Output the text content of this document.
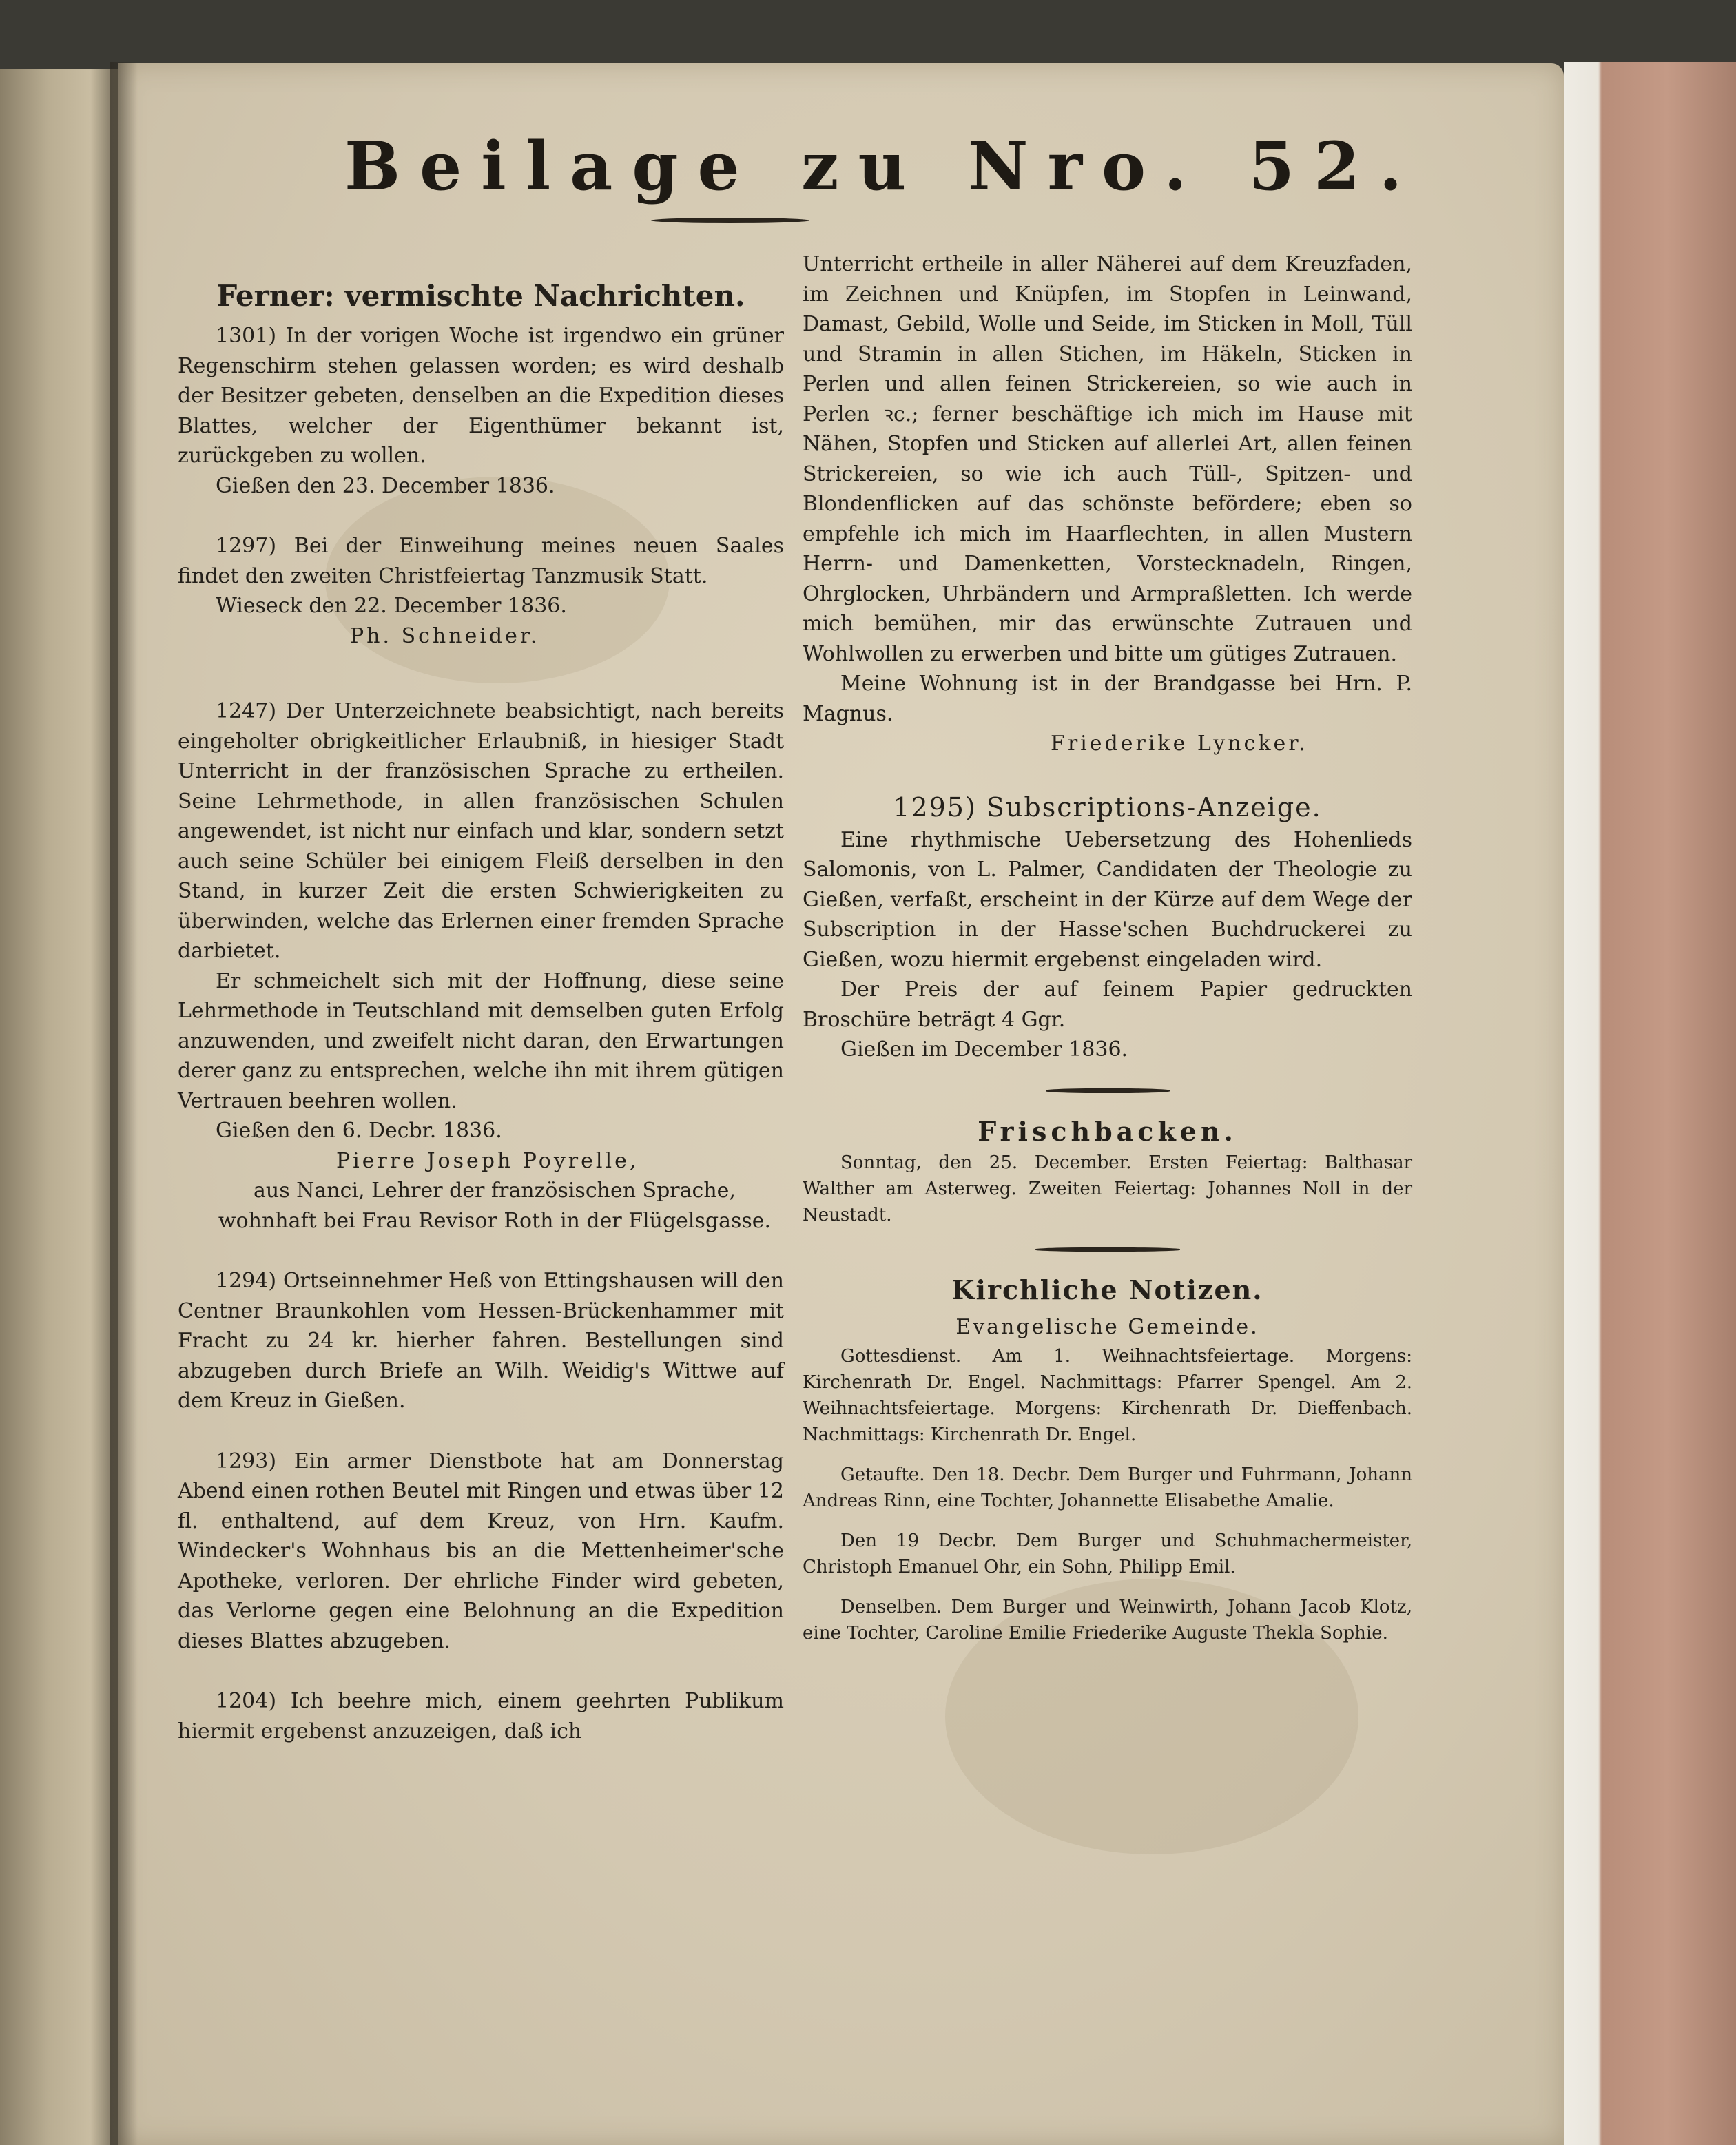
Beilage zu Nro. 52.

Ferner: vermischte Nachrichten.

1301) In der vorigen Woche ist irgendwo ein grüner Regenschirm stehen gelassen worden; es wird deshalb der Besitzer gebeten, denselben an die Expedition dieses Blattes, welcher der Eigenthümer bekannt ist, zurückgeben zu wollen.

Gießen den 23. December 1836.

1297) Bei der Einweihung meines neuen Saales findet den zweiten Christfeiertag Tanzmusik Statt.

Wieseck den 22. December 1836.

Ph. Schneider.

1247) Der Unterzeichnete beabsichtigt, nach bereits eingeholter obrigkeitlicher Erlaubniß, in hiesiger Stadt Unterricht in der französischen Sprache zu ertheilen. Seine Lehrmethode, in allen französischen Schulen angewendet, ist nicht nur einfach und klar, sondern setzt auch seine Schüler bei einigem Fleiß derselben in den Stand, in kurzer Zeit die ersten Schwierigkeiten zu überwinden, welche das Erlernen einer fremden Sprache darbietet.

Er schmeichelt sich mit der Hoffnung, diese seine Lehrmethode in Teutschland mit demselben guten Erfolg anzuwenden, und zweifelt nicht daran, den Erwartungen derer ganz zu entsprechen, welche ihn mit ihrem gütigen Vertrauen beehren wollen.

Gießen den 6. Decbr. 1836.

Pierre Joseph Poyrelle,

aus Nanci, Lehrer der französischen Sprache, wohnhaft bei Frau Revisor Roth in der Flügelsgasse.

1294) Ortseinnehmer Heß von Ettingshausen will den Centner Braunkohlen vom Hessen-Brückenhammer mit Fracht zu 24 kr. hierher fahren. Bestellungen sind abzugeben durch Briefe an Wilh. Weidig's Wittwe auf dem Kreuz in Gießen.

1293) Ein armer Dienstbote hat am Donnerstag Abend einen rothen Beutel mit Ringen und etwas über 12 fl. enthaltend, auf dem Kreuz, von Hrn. Kaufm. Windecker's Wohnhaus bis an die Mettenheimer'sche Apotheke, verloren. Der ehrliche Finder wird gebeten, das Verlorne gegen eine Belohnung an die Expedition dieses Blattes abzugeben.

1204) Ich beehre mich, einem geehrten Publikum hiermit ergebenst anzuzeigen, daß ich

Unterricht ertheile in aller Näherei auf dem Kreuzfaden, im Zeichnen und Knüpfen, im Stopfen in Leinwand, Damast, Gebild, Wolle und Seide, im Sticken in Moll, Tüll und Stramin in allen Stichen, im Häkeln, Sticken in Perlen und allen feinen Strickereien, so wie auch in Perlen ꝛc.; ferner beschäftige ich mich im Hause mit Nähen, Stopfen und Sticken auf allerlei Art, allen feinen Strickereien, so wie ich auch Tüll-, Spitzen- und Blondenflicken auf das schönste befördere; eben so empfehle ich mich im Haarflechten, in allen Mustern Herrn- und Damenketten, Vorstecknadeln, Ringen, Ohrglocken, Uhrbändern und Armpraßletten. Ich werde mich bemühen, mir das erwünschte Zutrauen und Wohlwollen zu erwerben und bitte um gütiges Zutrauen.

Meine Wohnung ist in der Brandgasse bei Hrn. P. Magnus.

Friederike Lyncker.

1295) Subscriptions-Anzeige.

Eine rhythmische Uebersetzung des Hohenlieds Salomonis, von L. Palmer, Candidaten der Theologie zu Gießen, verfaßt, erscheint in der Kürze auf dem Wege der Subscription in der Hasse'schen Buchdruckerei zu Gießen, wozu hiermit ergebenst eingeladen wird.

Der Preis der auf feinem Papier gedruckten Broschüre beträgt 4 Ggr.

Gießen im December 1836.

Frischbacken.

Sonntag, den 25. December. Ersten Feiertag: Balthasar Walther am Asterweg. Zweiten Feiertag: Johannes Noll in der Neustadt.

Kirchliche Notizen.

Evangelische Gemeinde.

Gottesdienst. Am 1. Weihnachtsfeiertage. Morgens: Kirchenrath Dr. Engel. Nachmittags: Pfarrer Spengel. Am 2. Weihnachtsfeiertage. Morgens: Kirchenrath Dr. Dieffenbach. Nachmittags: Kirchenrath Dr. Engel.

Getaufte. Den 18. Decbr. Dem Burger und Fuhrmann, Johann Andreas Rinn, eine Tochter, Johannette Elisabethe Amalie.

Den 19 Decbr. Dem Burger und Schuhmachermeister, Christoph Emanuel Ohr, ein Sohn, Philipp Emil.

Denselben. Dem Burger und Weinwirth, Johann Jacob Klotz, eine Tochter, Caroline Emilie Friederike Auguste Thekla Sophie.
